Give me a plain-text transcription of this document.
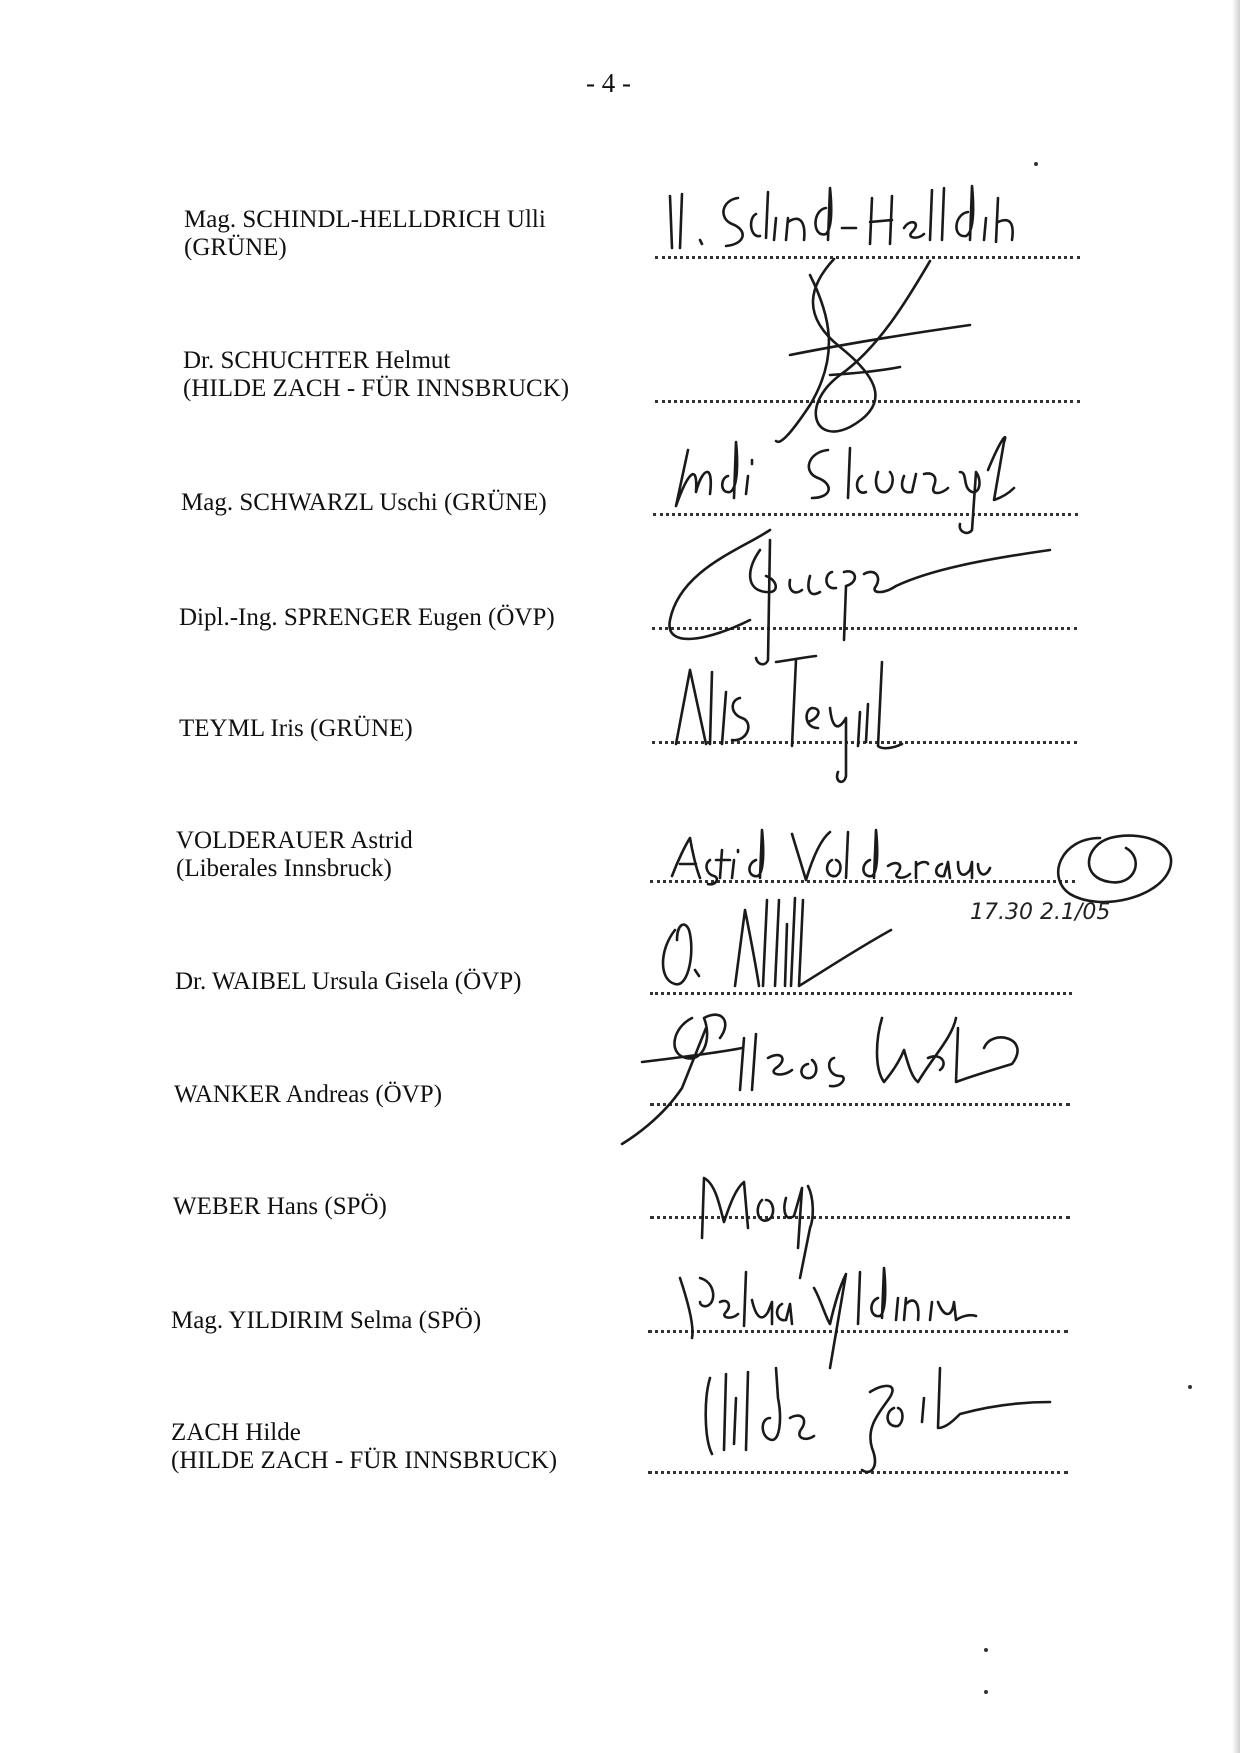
- 4 -
Mag. SCHINDL-HELLDRICH Ulli
(GRÜNE)
Dr. SCHUCHTER Helmut
(HILDE ZACH - FÜR INNSBRUCK)
Mag. SCHWARZL Uschi (GRÜNE)
Dipl.-Ing. SPRENGER Eugen (ÖVP)
TEYML Iris (GRÜNE)
VOLDERAUER Astrid
(Liberales Innsbruck)
17.30 2.1/05
Dr. WAIBEL Ursula Gisela (ÖVP)
WANKER Andreas (ÖVP)
WEBER Hans (SPÖ)
Mag. YILDIRIM Selma (SPÖ)
ZACH Hilde
(HILDE ZACH - FÜR INNSBRUCK)
